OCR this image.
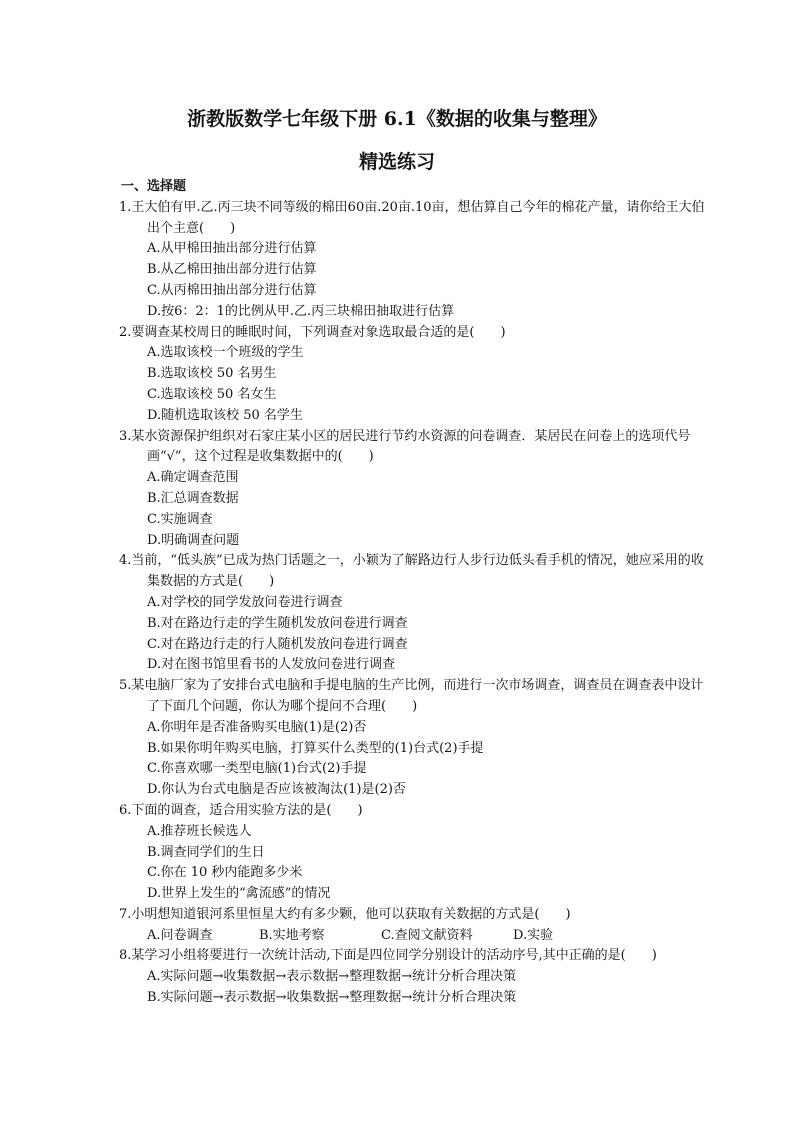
浙教版数学七年级下册 6.1《数据的收集与整理》
精选练习
一、选择题
1.王大伯有甲.乙.丙三块不同等级的棉田60亩.20亩.10亩，想估算自己今年的棉花产量，请你给王大伯出个主意(　　)
A.从甲棉田抽出部分进行估算
B.从乙棉田抽出部分进行估算
C.从丙棉田抽出部分进行估算
D.按6：2：1的比例从甲.乙.丙三块棉田抽取进行估算
2.要调查某校周日的睡眠时间，下列调查对象选取最合适的是(　　)
A.选取该校一个班级的学生
B.选取该校 50 名男生
C.选取该校 50 名女生
D.随机选取该校 50 名学生
3.某水资源保护组织对石家庄某小区的居民进行节约水资源的问卷调查．某居民在问卷上的选项代号画“√”，这个过程是收集数据中的(　　)
A.确定调查范围
B.汇总调查数据
C.实施调查
D.明确调查问题
4.当前，“低头族”已成为热门话题之一，小颖为了解路边行人步行边低头看手机的情况，她应采用的收集数据的方式是(　　)
A.对学校的同学发放问卷进行调查
B.对在路边行走的学生随机发放问卷进行调查
C.对在路边行走的行人随机发放问卷进行调查
D.对在图书馆里看书的人发放问卷进行调查
5.某电脑厂家为了安排台式电脑和手提电脑的生产比例，而进行一次市场调查，调查员在调查表中设计了下面几个问题，你认为哪个提问不合理(　　)
A.你明年是否准备购买电脑(1)是(2)否
B.如果你明年购买电脑，打算买什么类型的(1)台式(2)手提
C.你喜欢哪一类型电脑(1)台式(2)手提
D.你认为台式电脑是否应该被淘汰(1)是(2)否
6.下面的调查，适合用实验方法的是(　　)
A.推荐班长候选人
B.调查同学们的生日
C.你在 10 秒内能跑多少米
D.世界上发生的“禽流感”的情况
7.小明想知道银河系里恒星大约有多少颗，他可以获取有关数据的方式是(　　)
A.问卷调查	B.实地考察	C.查阅文献资料	D.实验
8.某学习小组将要进行一次统计活动,下面是四位同学分别设计的活动序号,其中正确的是(　　)
A.实际问题→收集数据→表示数据→整理数据→统计分析合理决策
B.实际问题→表示数据→收集数据→整理数据→统计分析合理决策
